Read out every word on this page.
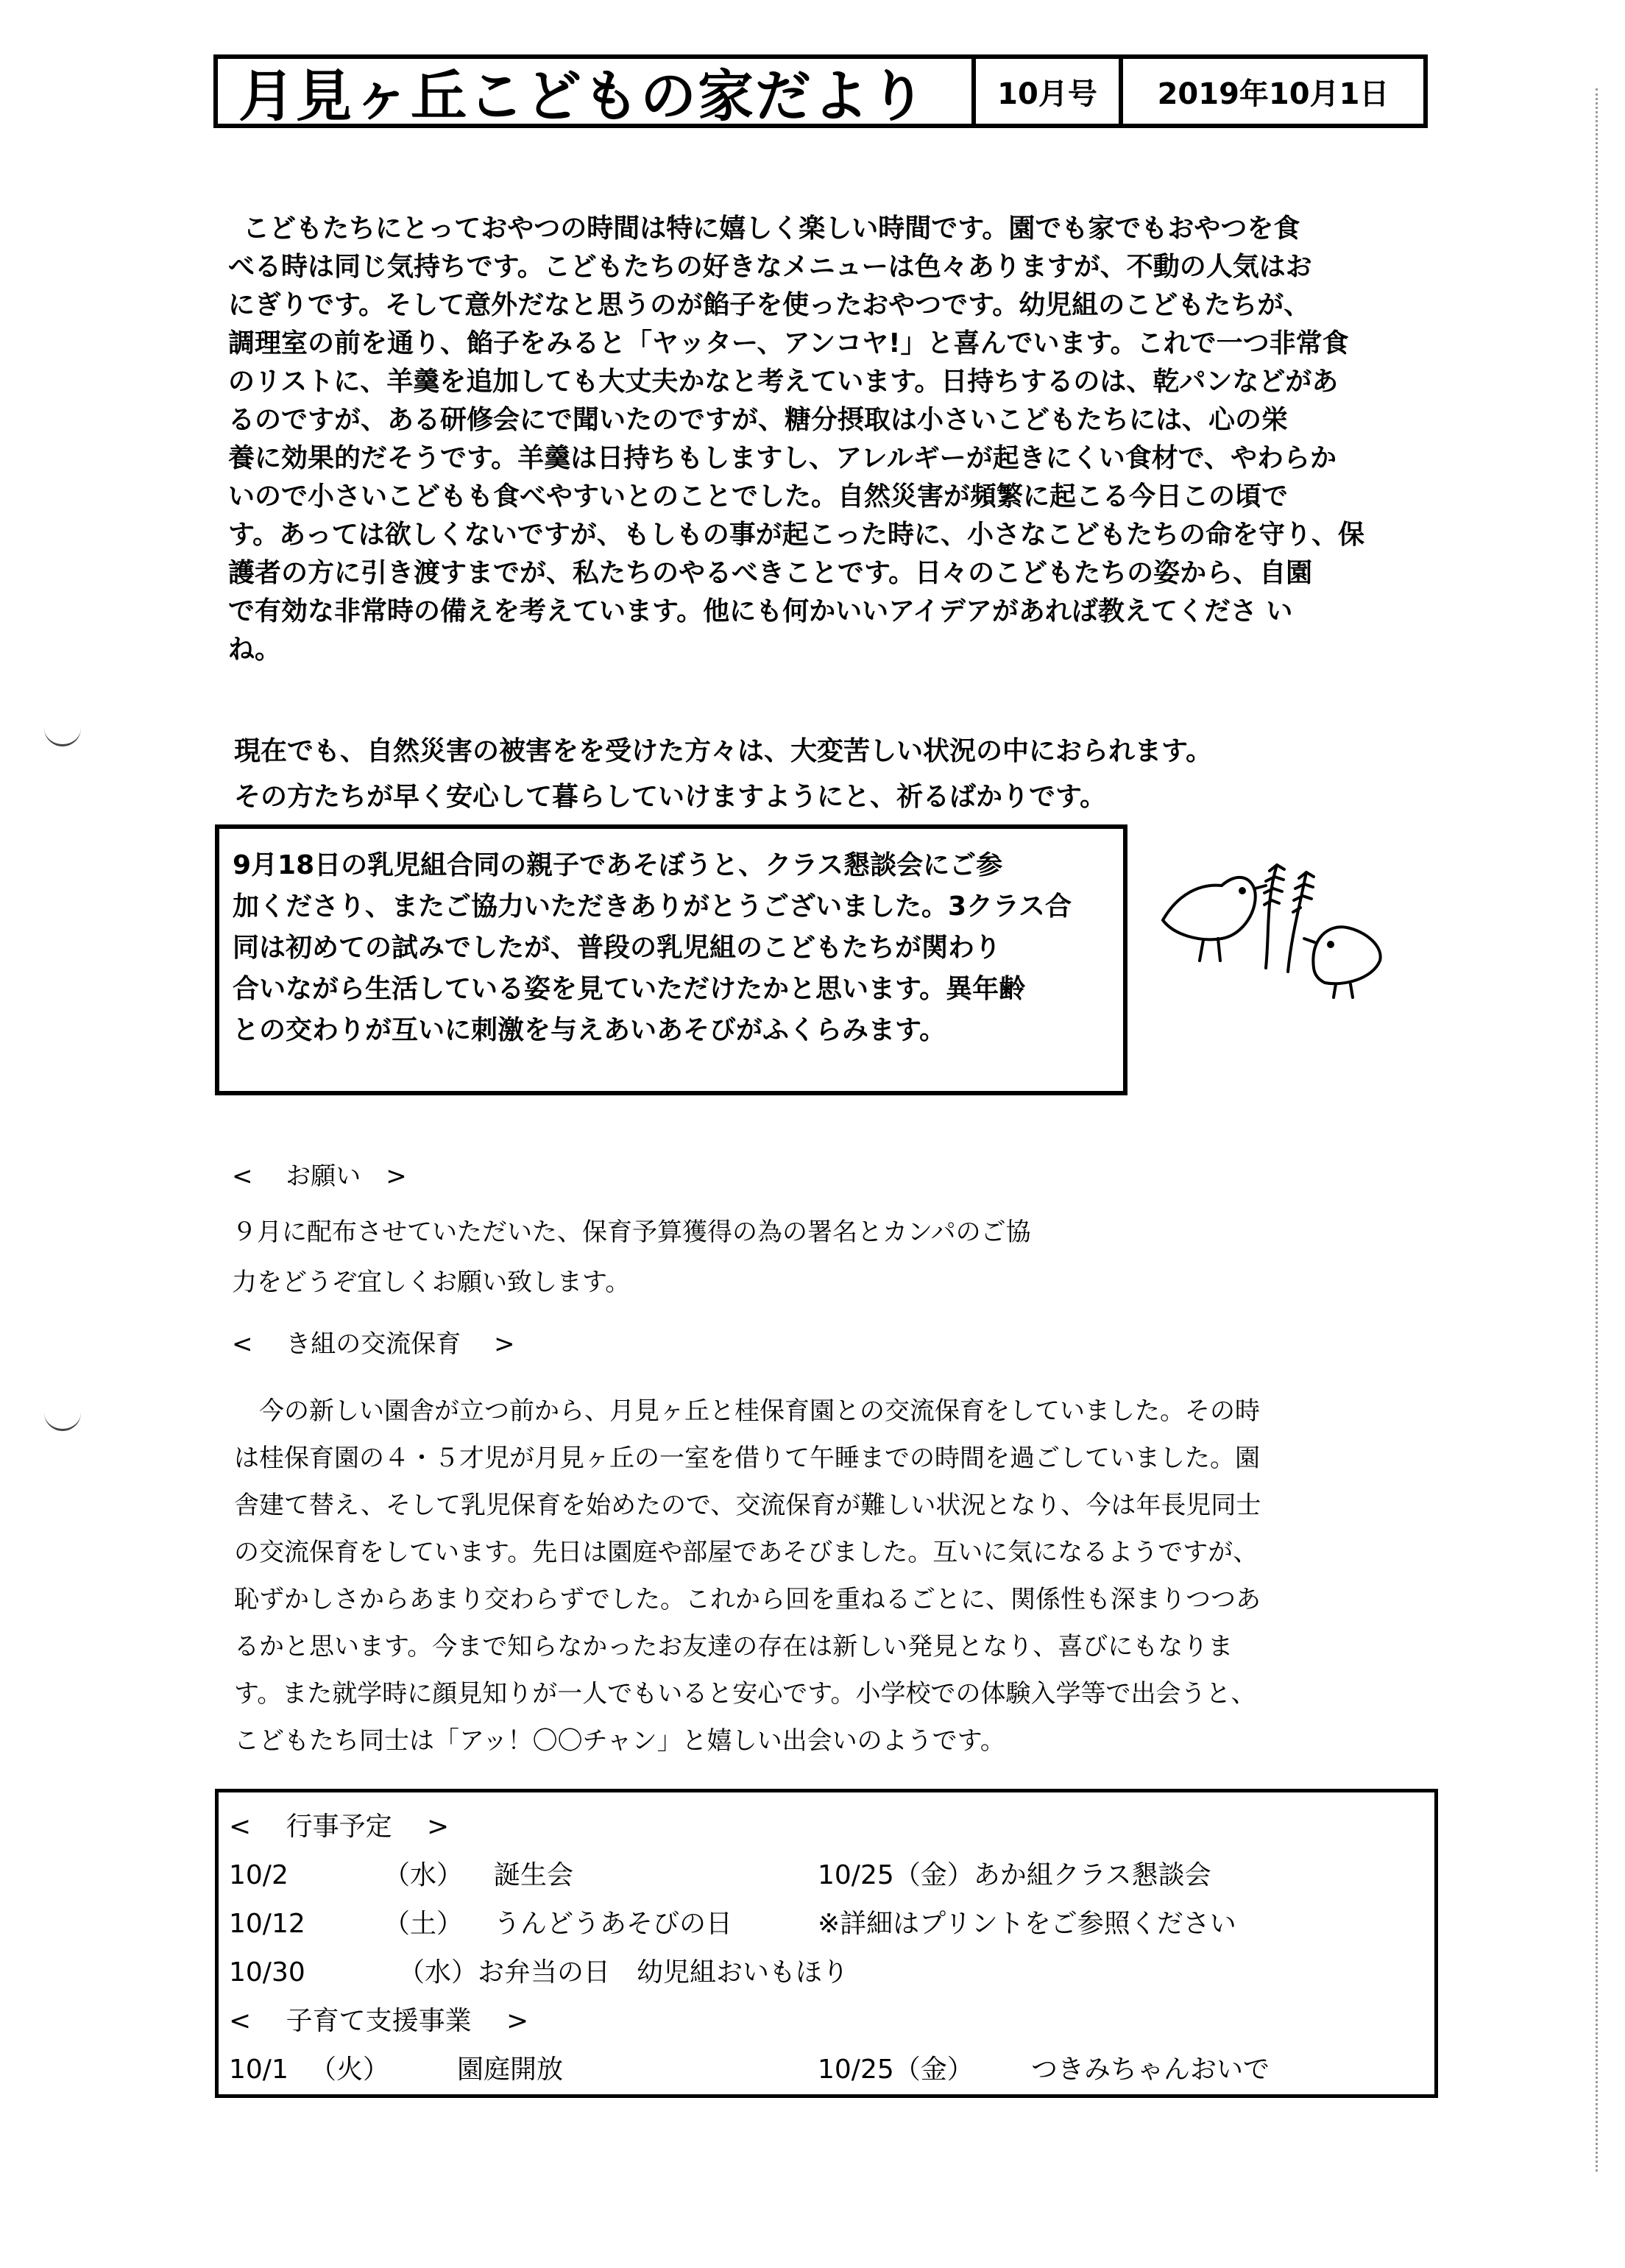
月見ヶ丘こどもの家だより	10月号	2019年10月1日

こどもたちにとっておやつの時間は特に嬉しく楽しい時間です。園でも家でもおやつを食
べる時は同じ気持ちです。こどもたちの好きなメニューは色々ありますが、不動の人気はお
にぎりです。そして意外だなと思うのが餡子を使ったおやつです。幼児組のこどもたちが、
調理室の前を通り、餡子をみると「ヤッター、アンコヤ!」と喜んでいます。これで一つ非常食
のリストに、羊羹を追加しても大丈夫かなと考えています。日持ちするのは、乾パンなどがあ
るのですが、ある研修会にで聞いたのですが、糖分摂取は小さいこどもたちには、心の栄
養に効果的だそうです。羊羹は日持ちもしますし、アレルギーが起きにくい食材で、やわらか
いので小さいこどもも食べやすいとのことでした。自然災害が頻繁に起こる今日この頃で
す。あっては欲しくないですが、もしもの事が起こった時に、小さなこどもたちの命を守り、保
護者の方に引き渡すまでが、私たちのやるべきことです。日々のこどもたちの姿から、自園
で有効な非常時の備えを考えています。他にも何かいいアイデアがあれば教えてくださ い
ね。

現在でも、自然災害の被害をを受けた方々は、大変苦しい状況の中におられます。
その方たちが早く安心して暮らしていけますようにと、祈るばかりです。

9月18日の乳児組合同の親子であそぼうと、クラス懇談会にご参
加くださり、またご協力いただきありがとうございました。3クラス合
同は初めての試みでしたが、普段の乳児組のこどもたちが関わり
合いながら生活している姿を見ていただけたかと思います。異年齢
との交わりが互いに刺激を与えあいあそびがふくらみます。

<　 お願い　>

９月に配布させていただいた、保育予算獲得の為の署名とカンパのご協
力をどうぞ宜しくお願い致します。

<　 き組の交流保育　 >

　今の新しい園舎が立つ前から、月見ヶ丘と桂保育園との交流保育をしていました。その時
は桂保育園の４・５才児が月見ヶ丘の一室を借りて午睡までの時間を過ごしていました。園
舎建て替え、そして乳児保育を始めたので、交流保育が難しい状況となり、今は年長児同士
の交流保育をしています。先日は園庭や部屋であそびました。互いに気になるようですが、
恥ずかしさからあまり交わらずでした。これから回を重ねるごとに、関係性も深まりつつあ
るかと思います。今まで知らなかったお友達の存在は新しい発見となり、喜びにもなりま
す。また就学時に顔見知りが一人でもいると安心です。小学校での体験入学等で出会うと、
こどもたち同士は「アッ！〇〇チャン」と嬉しい出会いのようです。

<　 行事予定　 >
10/2	（水） 誕生会	10/25（金）あか組クラス懇談会
10/12	（土） うんどうあそびの日	※詳細はプリントをご参照ください
10/30	（水）お弁当の日　幼児組おいもほり
<　 子育て支援事業　 >
10/1 （火）	園庭開放	10/25（金） つきみちゃんおいで
